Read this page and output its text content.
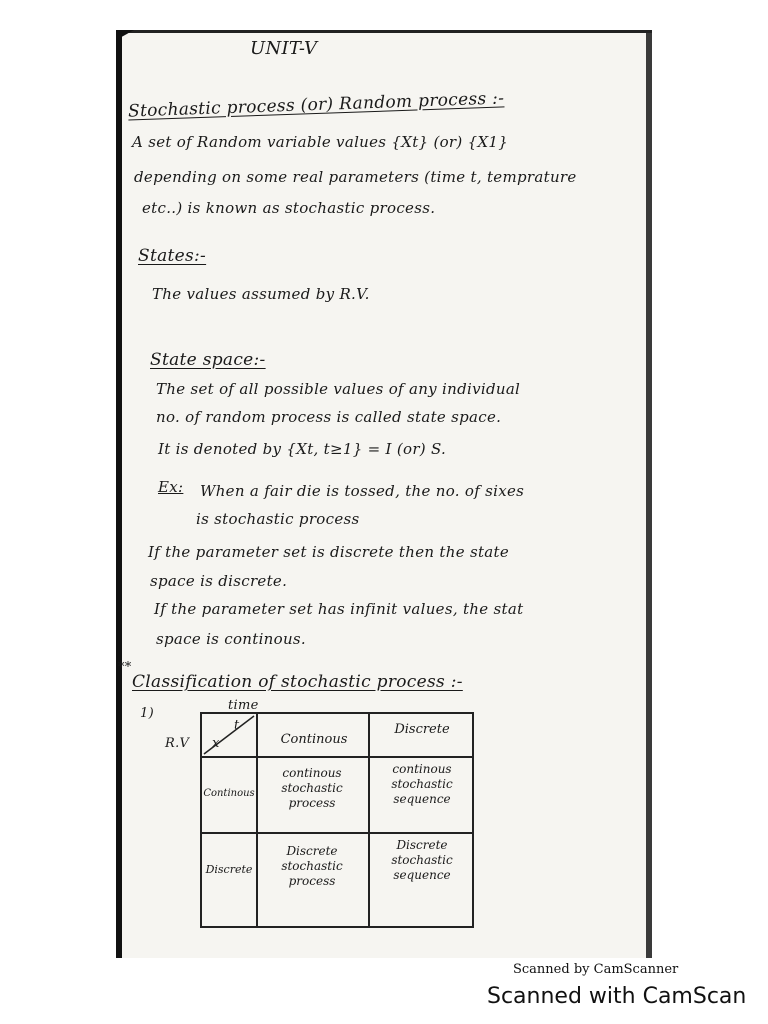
UNIT-V
Stochastic process (or) Random process :-
A set of Random variable values {Xt} (or) {X1}
depending on some real parameters (time t, temprature
etc..) is known as stochastic process.
States:-
The values assumed by R.V.
State space:-
The set of all possible values of any individual
no. of random process is called state space.
It is denoted by {Xt, t≥1} = I (or) S.
Ex: When a fair die is tossed, the no. of sixes
is stochastic process
If the parameter set is discrete then the state
space is discrete.
If the parameter set has infinit values, the stat
space is continous.
**
Classification of stochastic process :-
1)
time
R.V x
t
Continous
Discrete
Continous
continous stochastic process
continous stochastic sequence
Discrete
Discrete stochastic process
Discrete stochastic sequence
Scanned by CamScanner
Scanned with CamScan
